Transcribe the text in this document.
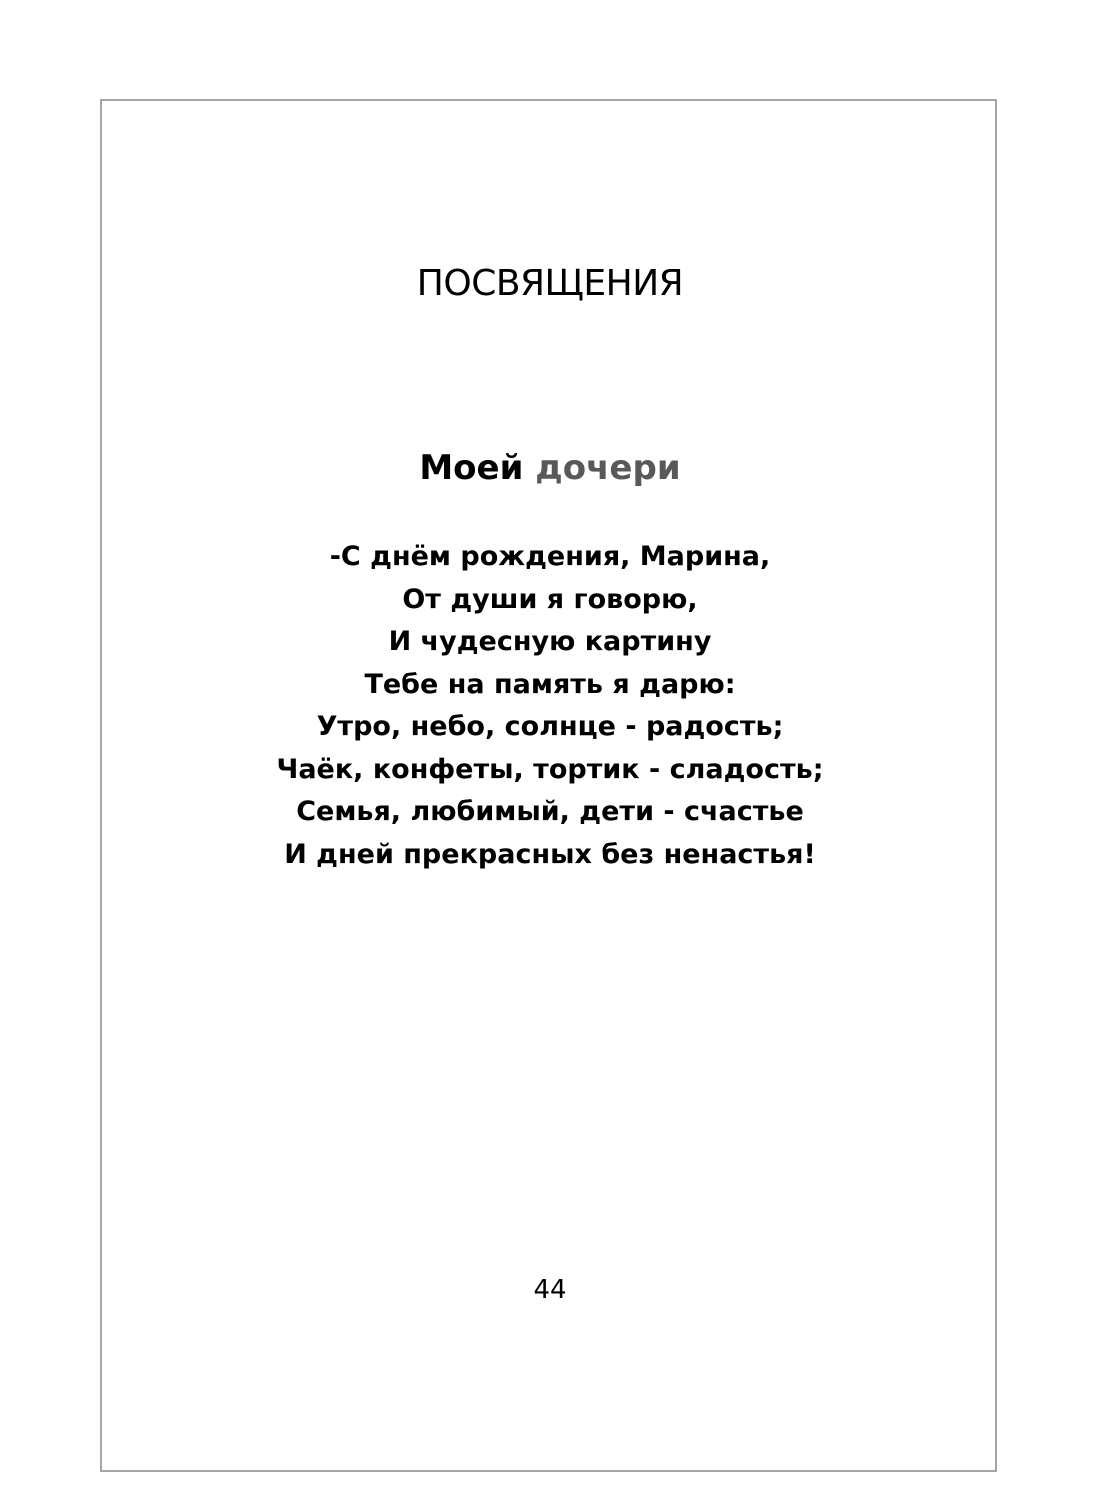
ПОСВЯЩЕНИЯ
Моей дочери
-С днём рождения, Марина,
От души я говорю,
И чудесную картину
Тебе на память я дарю:
Утро, небо, солнце - радость;
Чаёк, конфеты, тортик - сладость;
Семья, любимый, дети - счастье
И дней прекрасных без ненастья!
44
